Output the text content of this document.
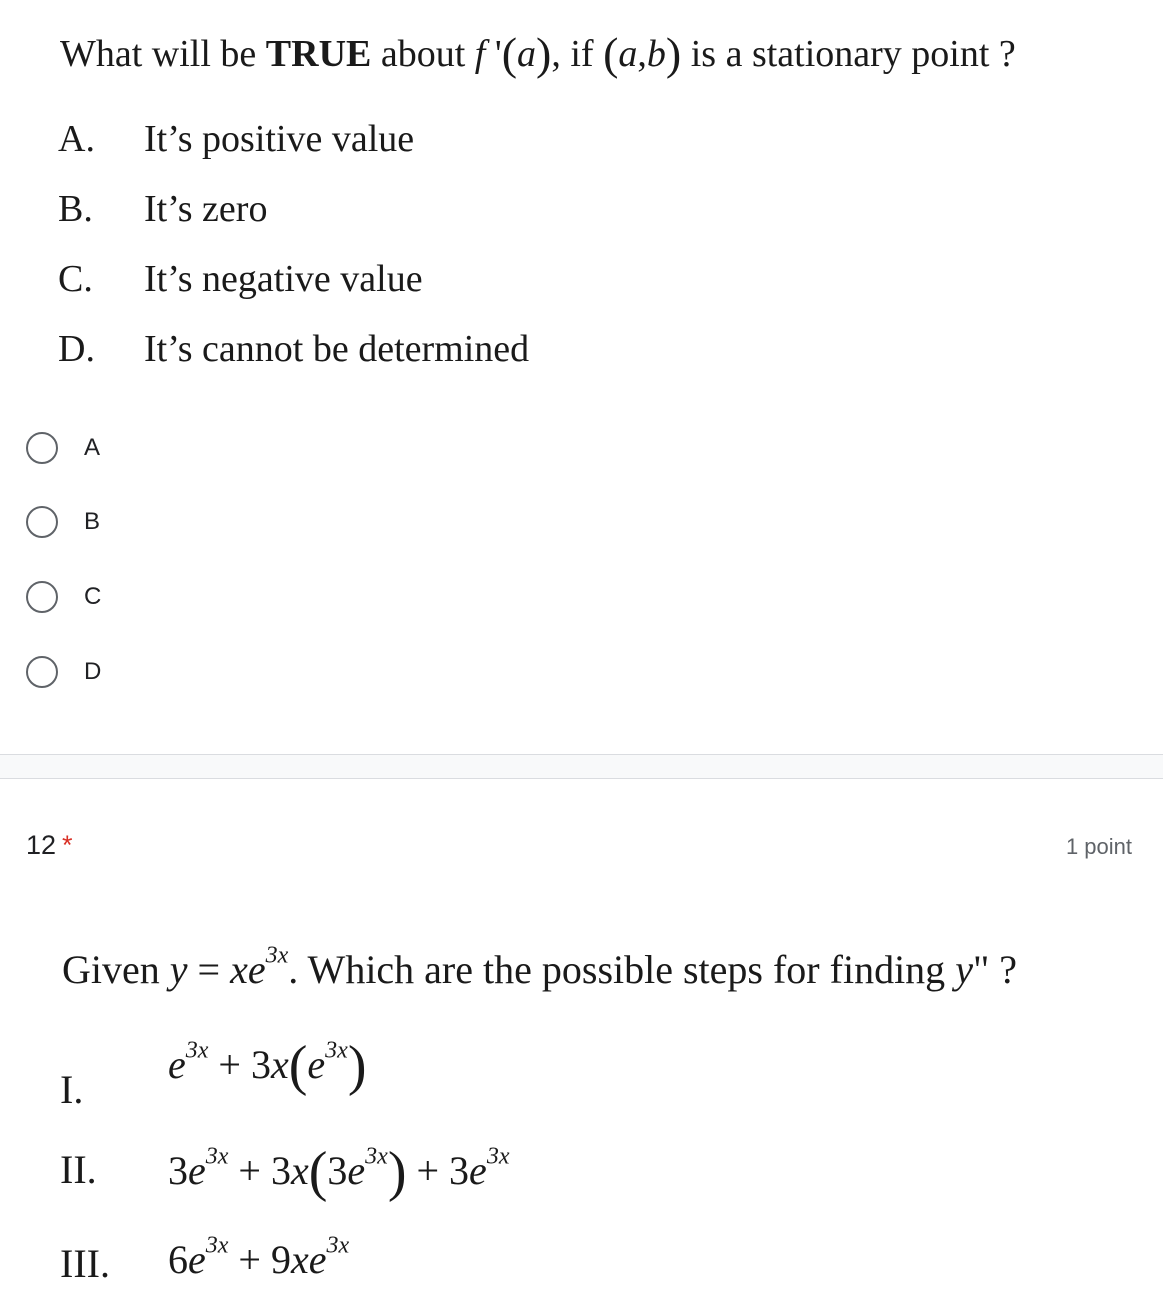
What will be TRUE about f '(a), if (a,b) is a stationary point ?
A. It’s positive value
B. It’s zero
C. It’s negative value
D. It’s cannot be determined
A
B
C
D
12 *	1 point
Given $y = xe^{3x}$. Which are the possible steps for finding y" ?
I.
$e^{3x} + 3x(e^{3x})$
II. $3e^{3x} + 3x(3e^{3x}) + 3e^{3x}$
III. $6e^{3x} + 9xe^{3x}$
